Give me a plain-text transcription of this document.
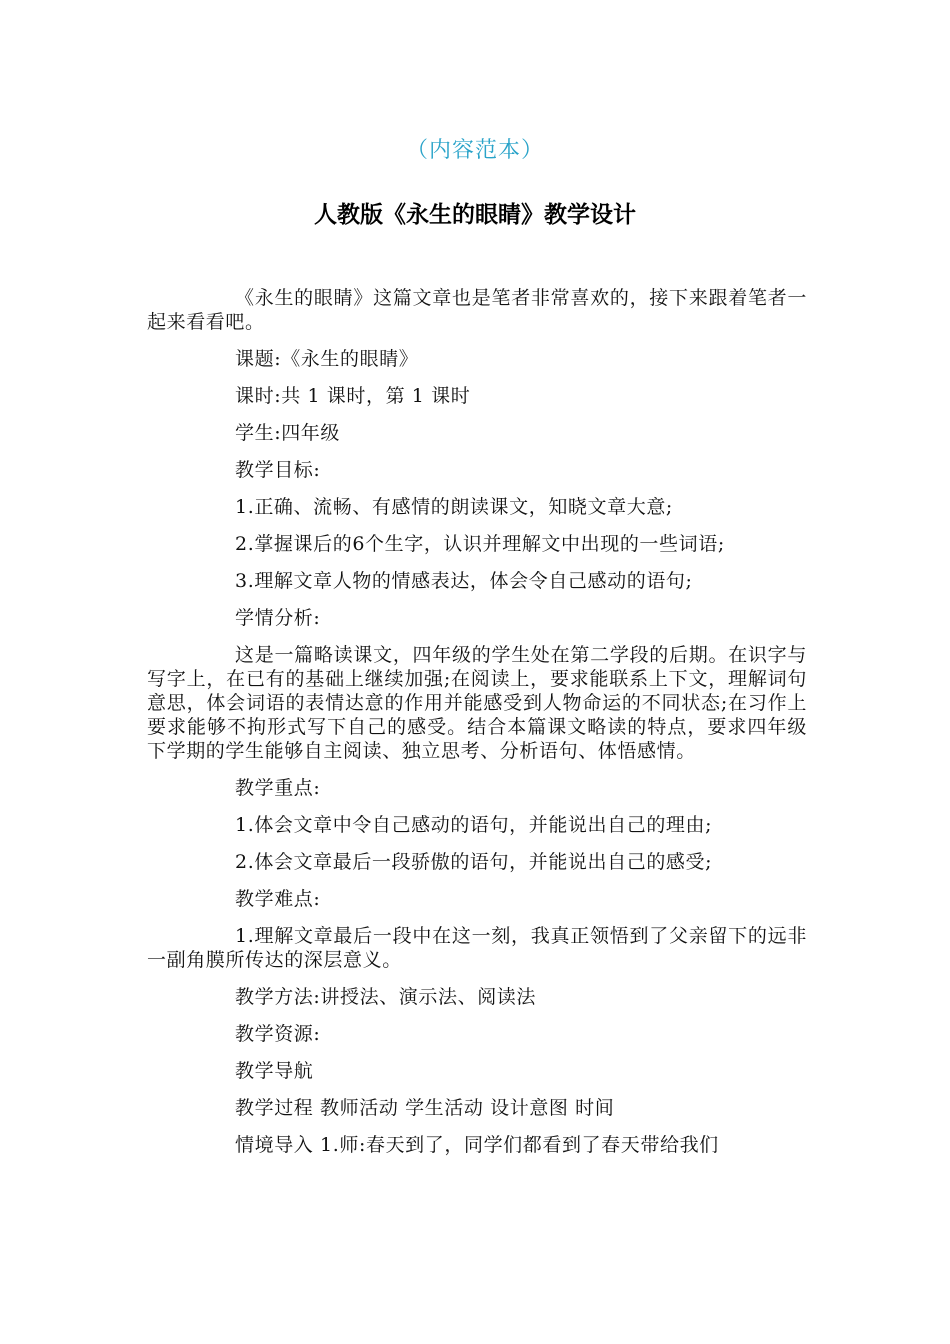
（内容范本）
人教版《永生的眼睛》教学设计

《永生的眼睛》这篇文章也是笔者非常喜欢的，接下来跟着笔者一起来看看吧。

课题:《永生的眼睛》

课时:共 1 课时，第 1 课时

学生:四年级

教学目标:

1.正确、流畅、有感情的朗读课文，知晓文章大意;

2.掌握课后的6个生字，认识并理解文中出现的一些词语;

3.理解文章人物的情感表达，体会令自己感动的语句;

学情分析:

这是一篇略读课文，四年级的学生处在第二学段的后期。在识字与写字上，在已有的基础上继续加强;在阅读上，要求能联系上下文，理解词句意思，体会词语的表情达意的作用并能感受到人物命运的不同状态;在习作上要求能够不拘形式写下自己的感受。结合本篇课文略读的特点，要求四年级下学期的学生能够自主阅读、独立思考、分析语句、体悟感情。

教学重点:

1.体会文章中令自己感动的语句，并能说出自己的理由;

2.体会文章最后一段骄傲的语句，并能说出自己的感受;

教学难点:

1.理解文章最后一段中在这一刻，我真正领悟到了父亲留下的远非一副角膜所传达的深层意义。

教学方法:讲授法、演示法、阅读法

教学资源:

教学导航

教学过程 教师活动 学生活动 设计意图 时间

情境导入 1.师:春天到了，同学们都看到了春天带给我们
